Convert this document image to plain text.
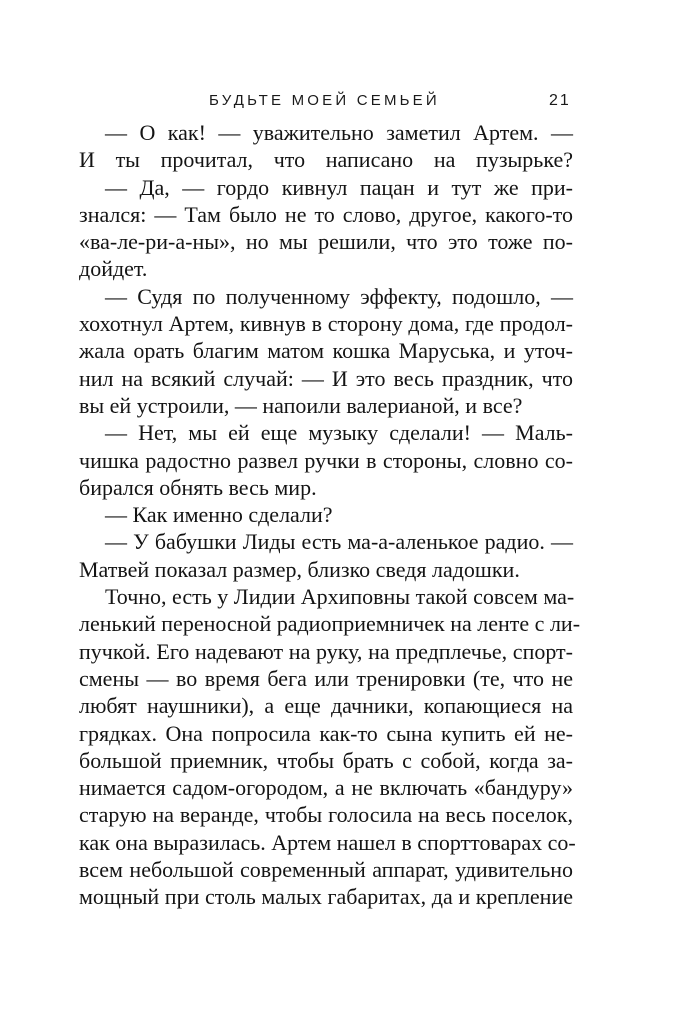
БУДЬТЕ МОЕЙ СЕМЬЕЙ	21
— О как! — уважительно заметил Артем. —
И ты прочитал, что написано на пузырьке?
— Да, — гордо кивнул пацан и тут же при-
знался: — Там было не то слово, другое, какого-то
«ва-ле-ри-а-ны», но мы решили, что это тоже по-
дойдет.
— Судя по полученному эффекту, подошло, —
хохотнул Артем, кивнув в сторону дома, где продол-
жала орать благим матом кошка Маруська, и уточ-
нил на всякий случай: — И это весь праздник, что
вы ей устроили, — напоили валерианой, и все?
— Нет, мы ей еще музыку сделали! — Маль-
чишка радостно развел ручки в стороны, словно со-
бирался обнять весь мир.
— Как именно сделали?
— У бабушки Лиды есть ма-а-аленькое радио. —
Матвей показал размер, близко сведя ладошки.
Точно, есть у Лидии Архиповны такой совсем ма-
ленький переносной радиоприемничек на ленте с ли-
пучкой. Его надевают на руку, на предплечье, спорт-
смены — во время бега или тренировки (те, что не
любят наушники), а еще дачники, копающиеся на
грядках. Она попросила как-то сына купить ей не-
большой приемник, чтобы брать с собой, когда за-
нимается садом-огородом, а не включать «бандуру»
старую на веранде, чтобы голосила на весь поселок,
как она выразилась. Артем нашел в спорттоварах со-
всем небольшой современный аппарат, удивительно
мощный при столь малых габаритах, да и крепление
